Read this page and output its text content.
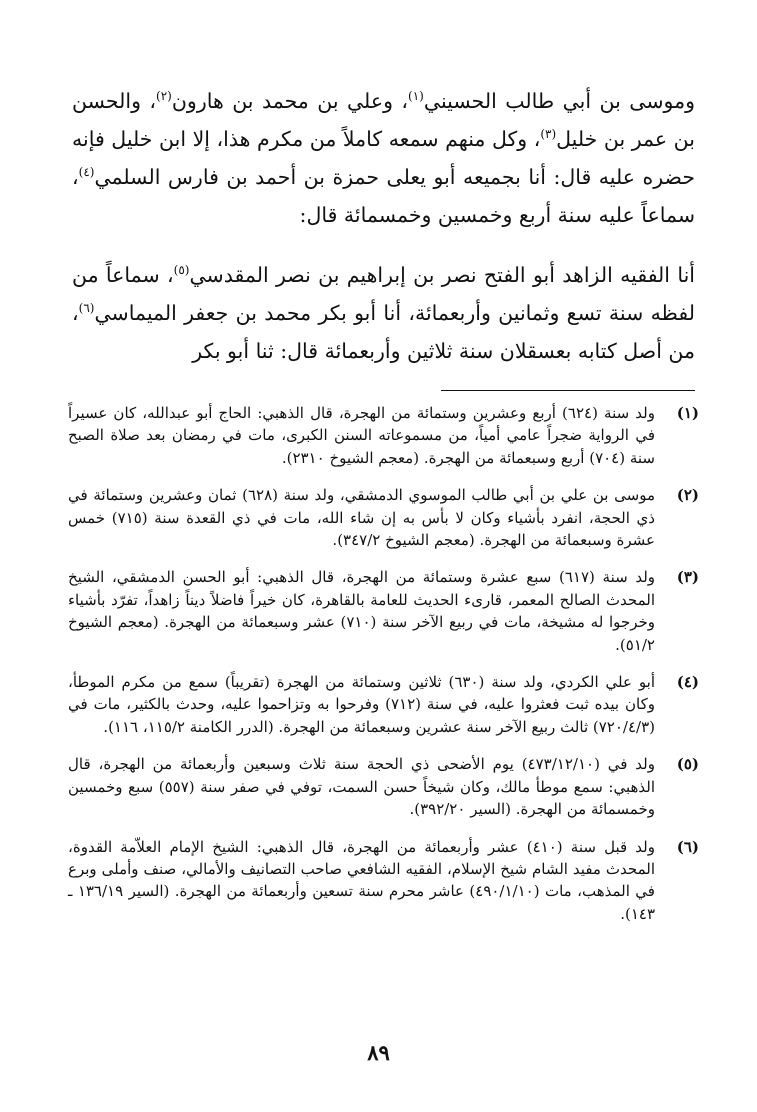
وموسى بن أبي طالب الحسيني$^{(١)}$، وعلي بن محمد بن هارون$^{(٢)}$، والحسن بن عمر بن خليل$^{(٣)}$، وكل منهم سمعه كاملاً من مكرم هذا، إلا ابن خليل فإنه حضره عليه قال: أنا بجميعه أبو يعلى حمزة بن أحمد بن فارس السلمي$^{(٤)}$، سماعاً عليه سنة أربع وخمسين وخمسمائة قال:

أنا الفقيه الزاهد أبو الفتح نصر بن إبراهيم بن نصر المقدسي$^{(٥)}$، سماعاً من لفظه سنة تسع وثمانين وأربعمائة، أنا أبو بكر محمد بن جعفر الميماسي$^{(٦)}$، من أصل كتابه بعسقلان سنة ثلاثين وأربعمائة قال: ثنا أبو بكر

(١)
ولد سنة (٦٢٤) أربع وعشرين وستمائة من الهجرة، قال الذهبي: الحاج أبو عبدالله، كان عسيراً في الرواية ضجراً عامي أمياً، من مسموعاته السنن الكبرى، مات في رمضان بعد صلاة الصبح سنة (٧٠٤) أربع وسبعمائة من الهجرة. (معجم الشيوخ ٢٣١٠).
(٢)
موسى بن علي بن أبي طالب الموسوي الدمشقي، ولد سنة (٦٢٨) ثمان وعشرين وستمائة في ذي الحجة، انفرد بأشياء وكان لا بأس به إن شاء الله، مات في ذي القعدة سنة (٧١٥) خمس عشرة وسبعمائة من الهجرة. (معجم الشيوخ ٣٤٧/٢).
(٣)
ولد سنة (٦١٧) سبع عشرة وستمائة من الهجرة، قال الذهبي: أبو الحسن الدمشقي، الشيخ المحدث الصالح المعمر، قارىء الحديث للعامة بالقاهرة، كان خيراً فاضلاً ديناً زاهداً، تفرّد بأشياء وخرجوا له مشيخة، مات في ربيع الآخر سنة (٧١٠) عشر وسبعمائة من الهجرة. (معجم الشيوخ ٥١/٢).
(٤)
أبو علي الكردي، ولد سنة (٦٣٠) ثلاثين وستمائة من الهجرة (تقريباً) سمع من مكرم الموطأ، وكان بيده ثبت فعثروا عليه، في سنة (٧١٢) وفرحوا به وتزاحموا عليه، وحدث بالكثير، مات في (٧٢٠/٤/٣) ثالث ربيع الآخر سنة عشرين وسبعمائة من الهجرة. (الدرر الكامنة ١١٥/٢، ١١٦).
(٥)
ولد في (٤٧٣/١٢/١٠) يوم الأضحى ذي الحجة سنة ثلاث وسبعين وأربعمائة من الهجرة، قال الذهبي: سمع موطأ مالك، وكان شيخاً حسن السمت، توفي في صفر سنة (٥٥٧) سبع وخمسين وخمسمائة من الهجرة. (السير ٣٩٢/٢٠).
(٦)
ولد قبل سنة (٤١٠) عشر وأربعمائة من الهجرة، قال الذهبي: الشيخ الإمام العلاّمة القدوة، المحدث مفيد الشام شيخ الإسلام، الفقيه الشافعي صاحب التصانيف والأمالي، صنف وأملى وبرع في المذهب، مات (٤٩٠/١/١٠) عاشر محرم سنة تسعين وأربعمائة من الهجرة. (السير ١٣٦/١٩ ـ ١٤٣).
٨٩
